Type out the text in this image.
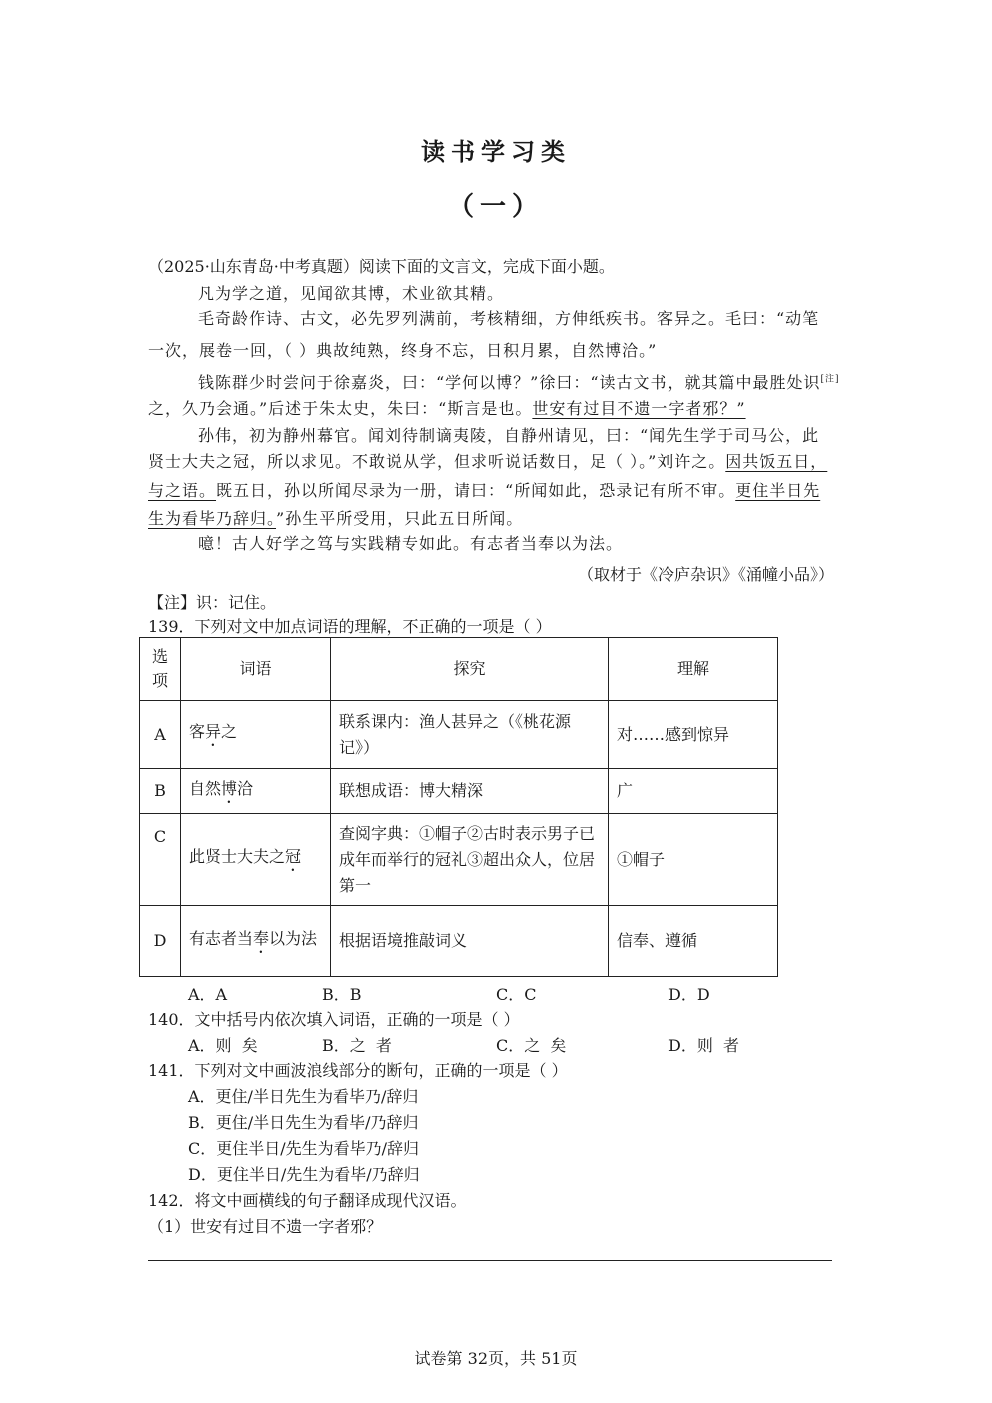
读书学习类
（一）
（2025·山东青岛·中考真题）阅读下面的文言文，完成下面小题。
凡为学之道，见闻欲其博，术业欲其精。
毛奇龄作诗、古文，必先罗列满前，考核精细，方伸纸疾书。客异之。毛曰：“动笔
一次，展卷一回，（ ）典故纯熟，终身不忘，日积月累，自然博洽。”
钱陈群少时尝问于徐嘉炎，曰：“学何以博？”徐曰：“读古文书，就其篇中最胜处识[注]
之，久乃会通。”后述于朱太史，朱曰：“斯言是也。世安有过目不遗一字者邪？”
孙伟，初为静州幕官。闻刘待制谪夷陵，自静州请见，曰：“闻先生学于司马公，此
贤士大夫之冠，所以求见。不敢说从学，但求听说话数日，足（ ）。”刘许之。因共饭五日，
与之语。既五日，孙以所闻尽录为一册，请曰：“所闻如此，恐录记有所不审。更住半日先
生为看毕乃辞归。”孙生平所受用，只此五日所闻。
噫！古人好学之笃与实践精专如此。有志者当奉以为法。
（取材于《冷庐杂识》《涌幢小品》）
【注】识：记住。
139．下列对文中加点词语的理解，不正确的一项是（ ）
选项	词语	探究	理解
A	客异之	联系课内：渔人甚异之（《桃花源记》）	对……感到惊异
B	自然博洽	联想成语：博大精深	广
C	此贤士大夫之冠	查阅字典：①帽子②古时表示男子已成年而举行的冠礼③超出众人，位居第一	①帽子
D	有志者当奉以为法	根据语境推敲词义	信奉、遵循
A．A	B．B	C．C	D．D
140．文中括号内依次填入词语，正确的一项是（ ）
A．则  矣	B．之  者	C．之  矣	D．则  者
141．下列对文中画波浪线部分的断句，正确的一项是（ ）
A．更住/半日先生为看毕乃/辞归
B．更住/半日先生为看毕/乃辞归
C．更住半日/先生为看毕乃/辞归
D．更住半日/先生为看毕/乃辞归
142．将文中画横线的句子翻译成现代汉语。
（1）世安有过目不遗一字者邪？
试卷第 32页，共 51页
